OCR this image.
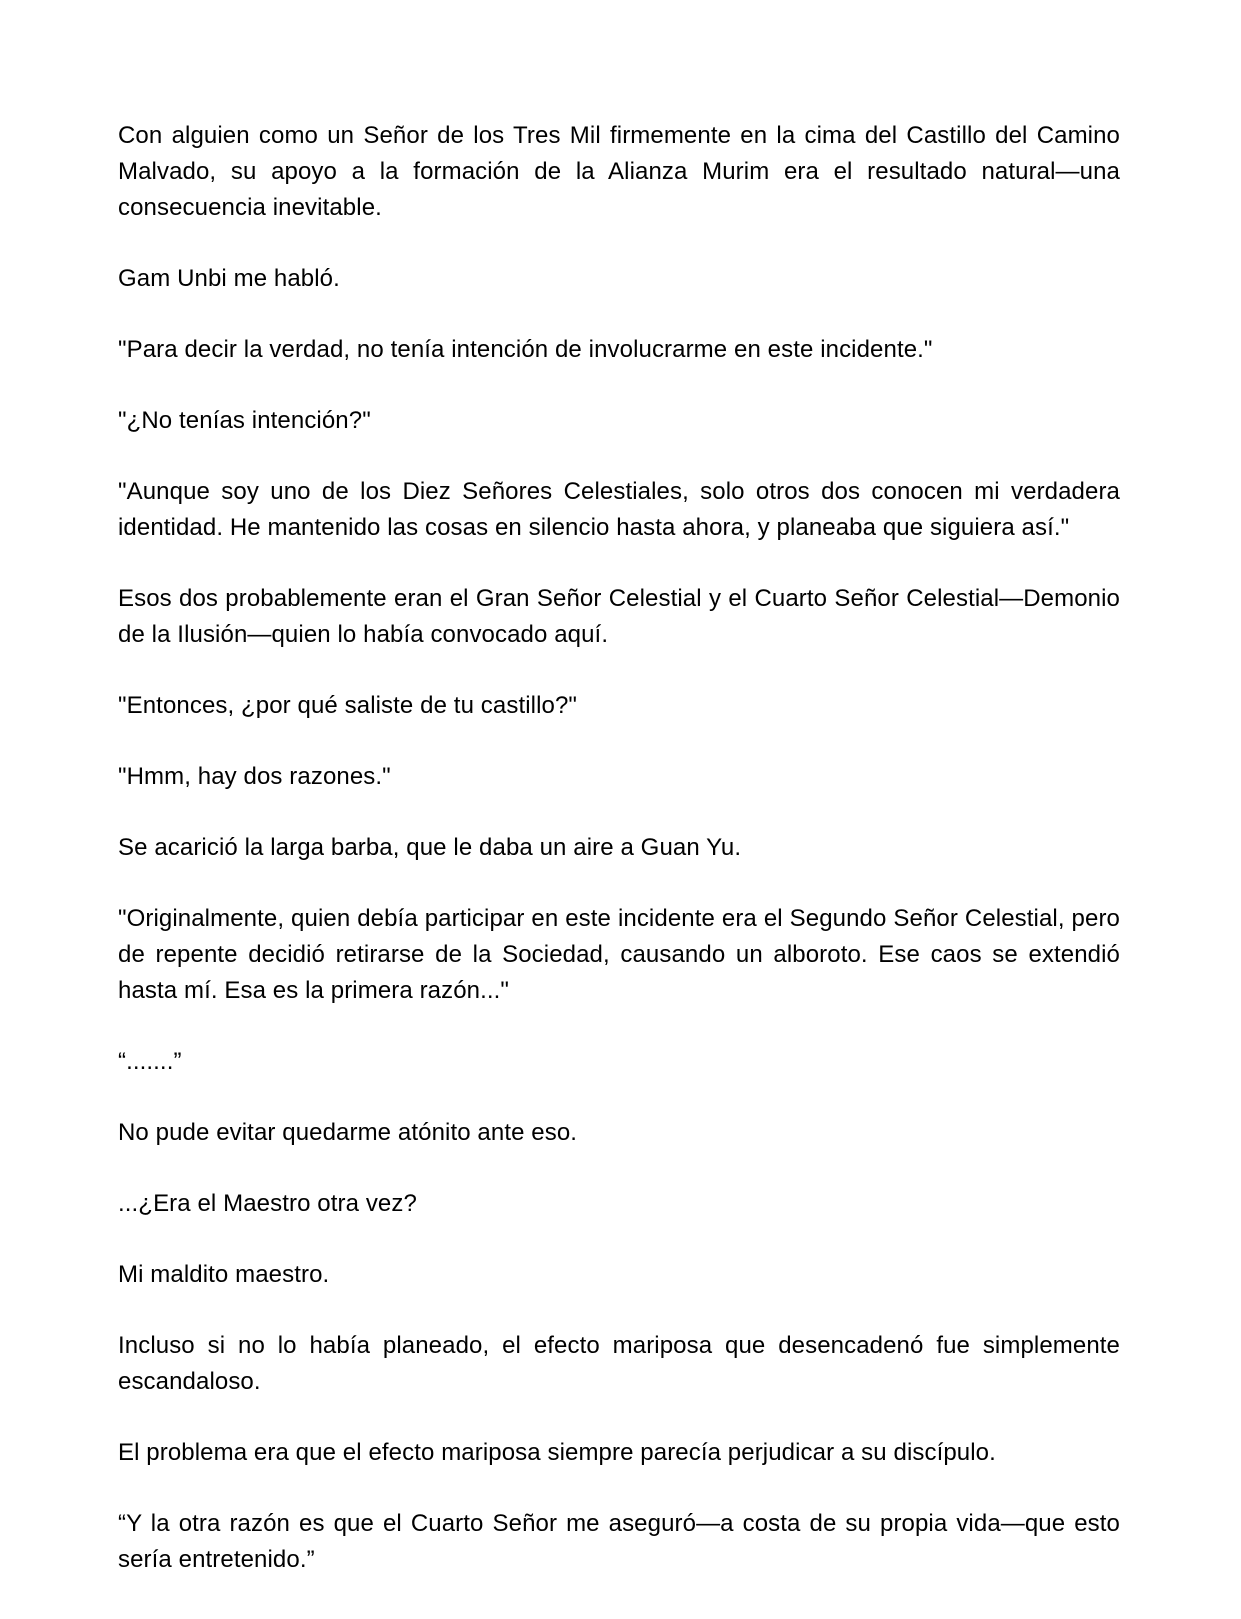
Con alguien como un Señor de los Tres Mil firmemente en la cima del Castillo del Camino Malvado, su apoyo a la formación de la Alianza Murim era el resultado natural—una consecuencia inevitable.

Gam Unbi me habló.

"Para decir la verdad, no tenía intención de involucrarme en este incidente."

"¿No tenías intención?"

"Aunque soy uno de los Diez Señores Celestiales, solo otros dos conocen mi verdadera identidad. He mantenido las cosas en silencio hasta ahora, y planeaba que siguiera así."

Esos dos probablemente eran el Gran Señor Celestial y el Cuarto Señor Celestial—Demonio de la Ilusión—quien lo había convocado aquí.

"Entonces, ¿por qué saliste de tu castillo?"

"Hmm, hay dos razones."

Se acarició la larga barba, que le daba un aire a Guan Yu.

"Originalmente, quien debía participar en este incidente era el Segundo Señor Celestial, pero de repente decidió retirarse de la Sociedad, causando un alboroto. Ese caos se extendió hasta mí. Esa es la primera razón..."

“.......”

No pude evitar quedarme atónito ante eso.

...¿Era el Maestro otra vez?

Mi maldito maestro.

Incluso si no lo había planeado, el efecto mariposa que desencadenó fue simplemente escandaloso.

El problema era que el efecto mariposa siempre parecía perjudicar a su discípulo.

“Y la otra razón es que el Cuarto Señor me aseguró—a costa de su propia vida—que esto sería entretenido.”
